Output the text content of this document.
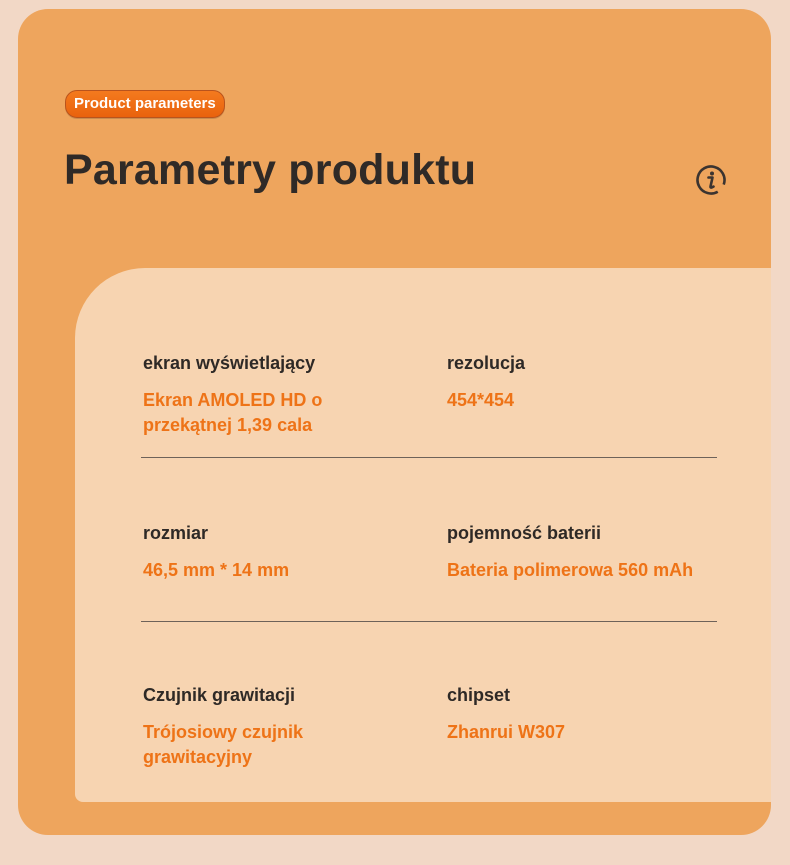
Product parameters
Parametry produktu
ekran wyświetlający
Ekran AMOLED HD o przekątnej 1,39 cala
rezolucja
454*454
rozmiar
46,5 mm * 14 mm
pojemność baterii
Bateria polimerowa 560 mAh
Czujnik grawitacji
Trójosiowy czujnik grawitacyjny
chipset
Zhanrui W307
